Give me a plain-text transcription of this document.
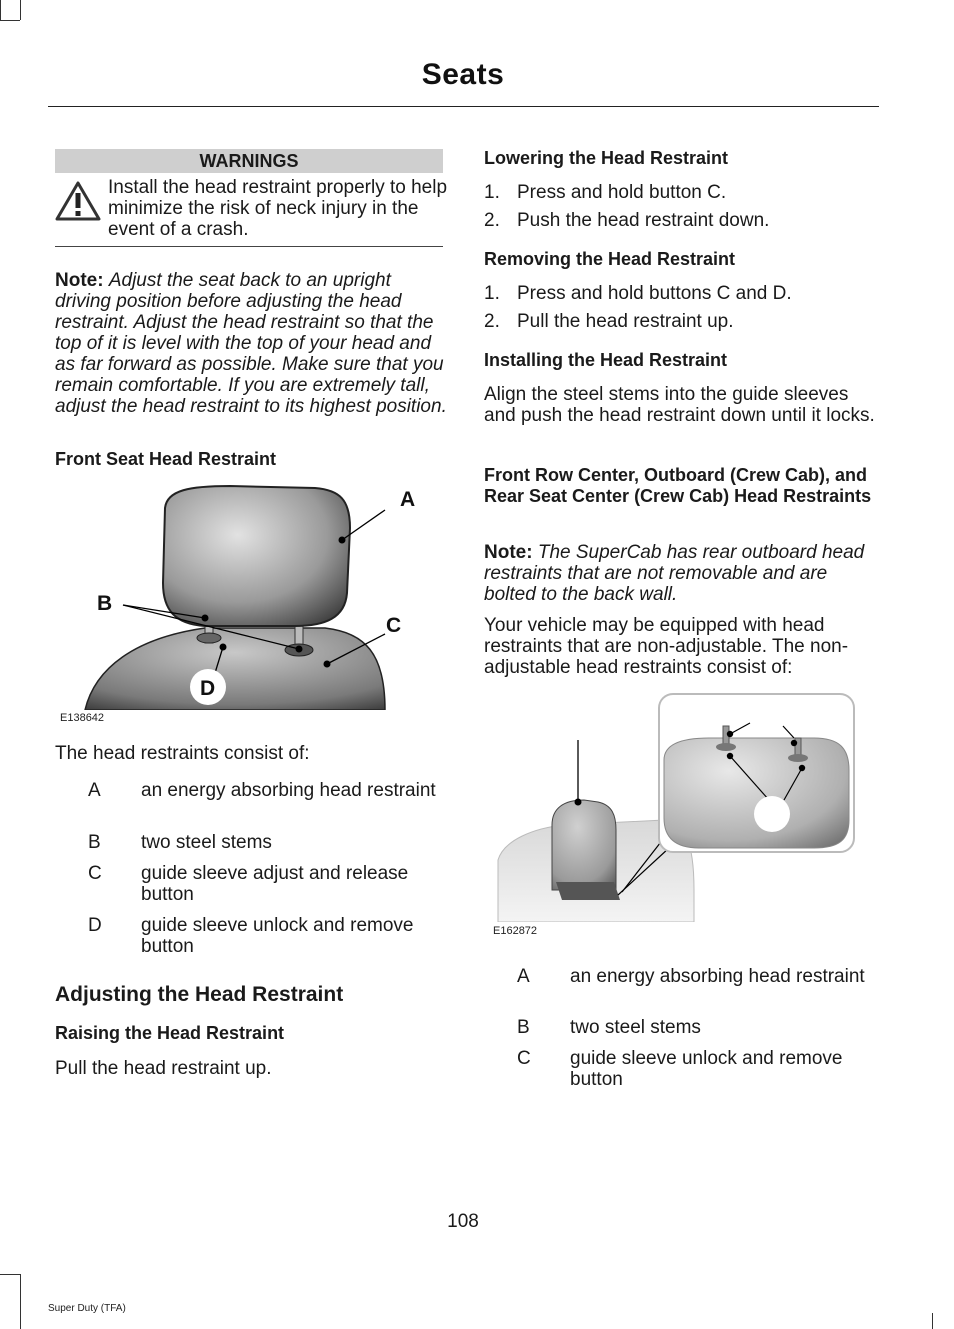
Seats
WARNINGS
Install the head restraint properly to help minimize the risk of neck injury in the event of a crash.
Note: Adjust the seat back to an upright driving position before adjusting the head restraint. Adjust the head restraint so that the top of it is level with the top of your head and as far forward as possible. Make sure that you remain comfortable. If you are extremely tall, adjust the head restraint to its highest position.
Front Seat Head Restraint
A
B
C
D
E138642
The head restraints consist of:
A an energy absorbing head restraint
B two steel stems
C guide sleeve adjust and release button
D guide sleeve unlock and remove button
Adjusting the Head Restraint
Raising the Head Restraint
Pull the head restraint up.
Lowering the Head Restraint
1. Press and hold button C.
2. Push the head restraint down.
Removing the Head Restraint
1. Press and hold buttons C and D.
2. Pull the head restraint up.
Installing the Head Restraint
Align the steel stems into the guide sleeves and push the head restraint down until it locks.
Front Row Center, Outboard (Crew Cab), and Rear Seat Center (Crew Cab) Head Restraints
Note: The SuperCab has rear outboard head restraints that are not removable and are bolted to the back wall.
Your vehicle may be equipped with head restraints that are non-adjustable. The non-adjustable head restraints consist of:
E162872
A an energy absorbing head restraint
B two steel stems
C guide sleeve unlock and remove button
108
Super Duty (TFA)
